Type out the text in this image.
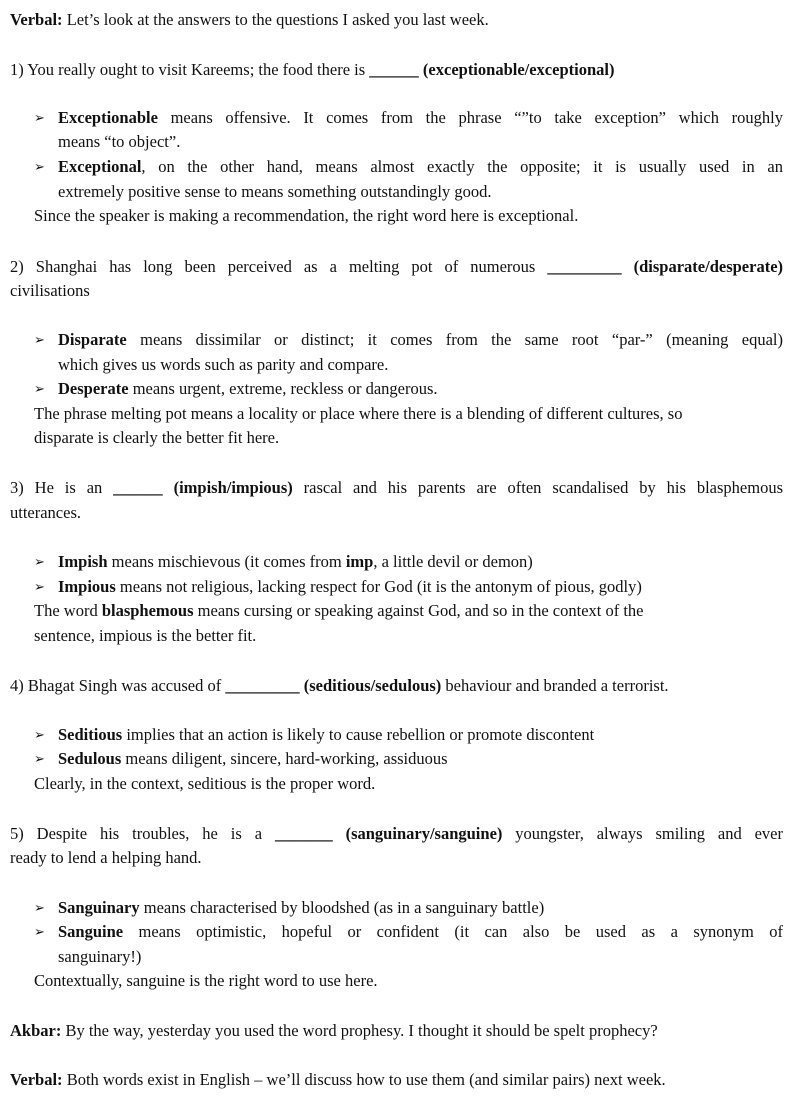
Verbal: Let’s look at the answers to the questions I asked you last week.
1) You really ought to visit Kareems; the food there is ______ (exceptionable/exceptional)
➢ Exceptionable means offensive. It comes from the phrase “”to take exception” which roughly
means “to object”.
➢ Exceptional, on the other hand, means almost exactly the opposite; it is usually used in an
extremely positive sense to means something outstandingly good.
Since the speaker is making a recommendation, the right word here is exceptional.
2) Shanghai has long been perceived as a melting pot of numerous _________ (disparate/desperate)
civilisations
➢ Disparate means dissimilar or distinct; it comes from the same root “par-” (meaning equal)
which gives us words such as parity and compare.
➢ Desperate means urgent, extreme, reckless or dangerous.
The phrase melting pot means a locality or place where there is a blending of different cultures, so
disparate is clearly the better fit here.
3) He is an ______ (impish/impious) rascal and his parents are often scandalised by his blasphemous
utterances.
➢ Impish means mischievous (it comes from imp, a little devil or demon)
➢ Impious means not religious, lacking respect for God (it is the antonym of pious, godly)
The word blasphemous means cursing or speaking against God, and so in the context of the
sentence, impious is the better fit.
4) Bhagat Singh was accused of _________ (seditious/sedulous) behaviour and branded a terrorist.
➢ Seditious implies that an action is likely to cause rebellion or promote discontent
➢ Sedulous means diligent, sincere, hard-working, assiduous
Clearly, in the context, seditious is the proper word.
5) Despite his troubles, he is a _______ (sanguinary/sanguine) youngster, always smiling and ever
ready to lend a helping hand.
➢ Sanguinary means characterised by bloodshed (as in a sanguinary battle)
➢ Sanguine means optimistic, hopeful or confident (it can also be used as a synonym of
sanguinary!)
Contextually, sanguine is the right word to use here.
Akbar: By the way, yesterday you used the word prophesy. I thought it should be spelt prophecy?
Verbal: Both words exist in English – we’ll discuss how to use them (and similar pairs) next week.
